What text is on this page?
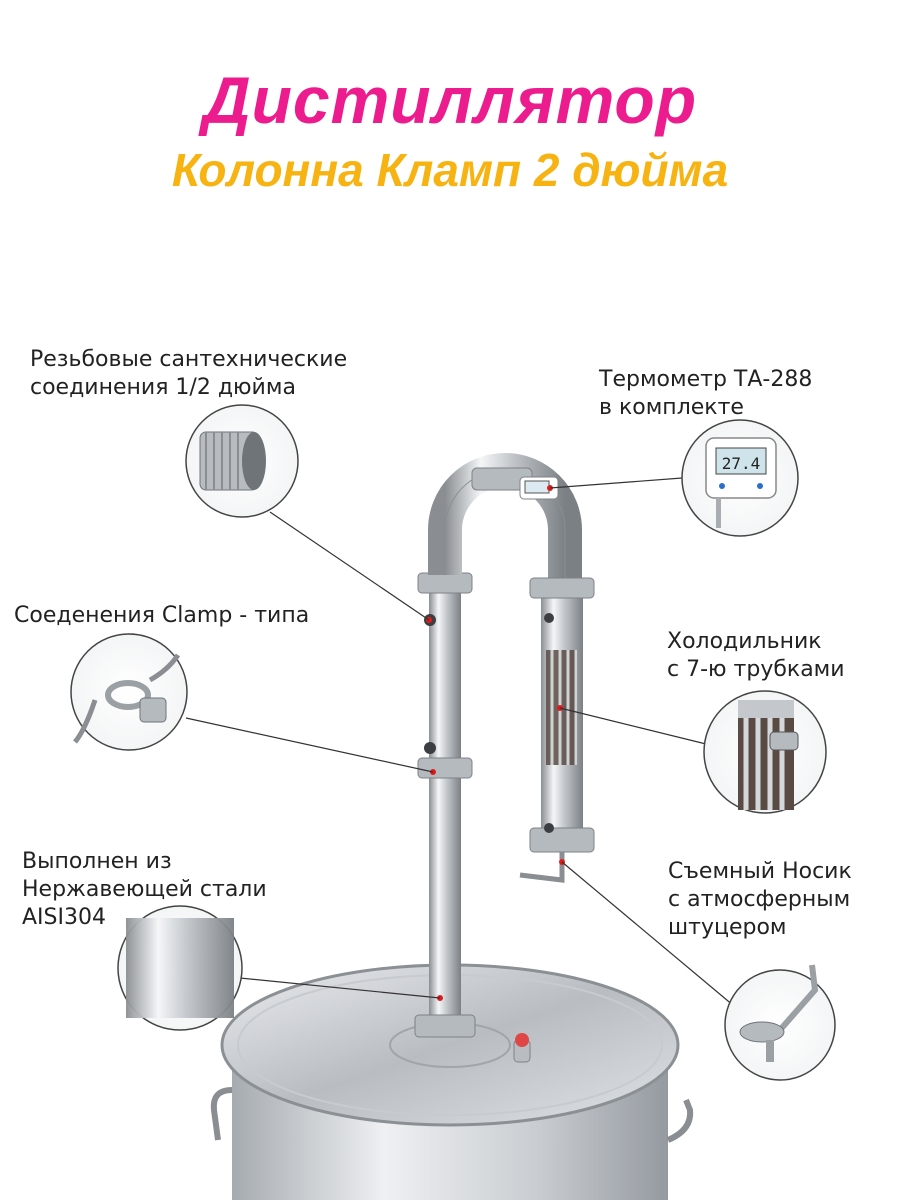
Дистиллятор
Колонна Кламп 2 дюйма
27.4
Резьбовые сантехнические
соединения 1/2 дюйма	Термометр ТА-288
в комплекте
Соеденения Clamp - типа
Холодильник
с 7-ю трубками
Выполнен из
Нержавеющей стали
AISI304
Съемный Носик
с атмосферным
штуцером
